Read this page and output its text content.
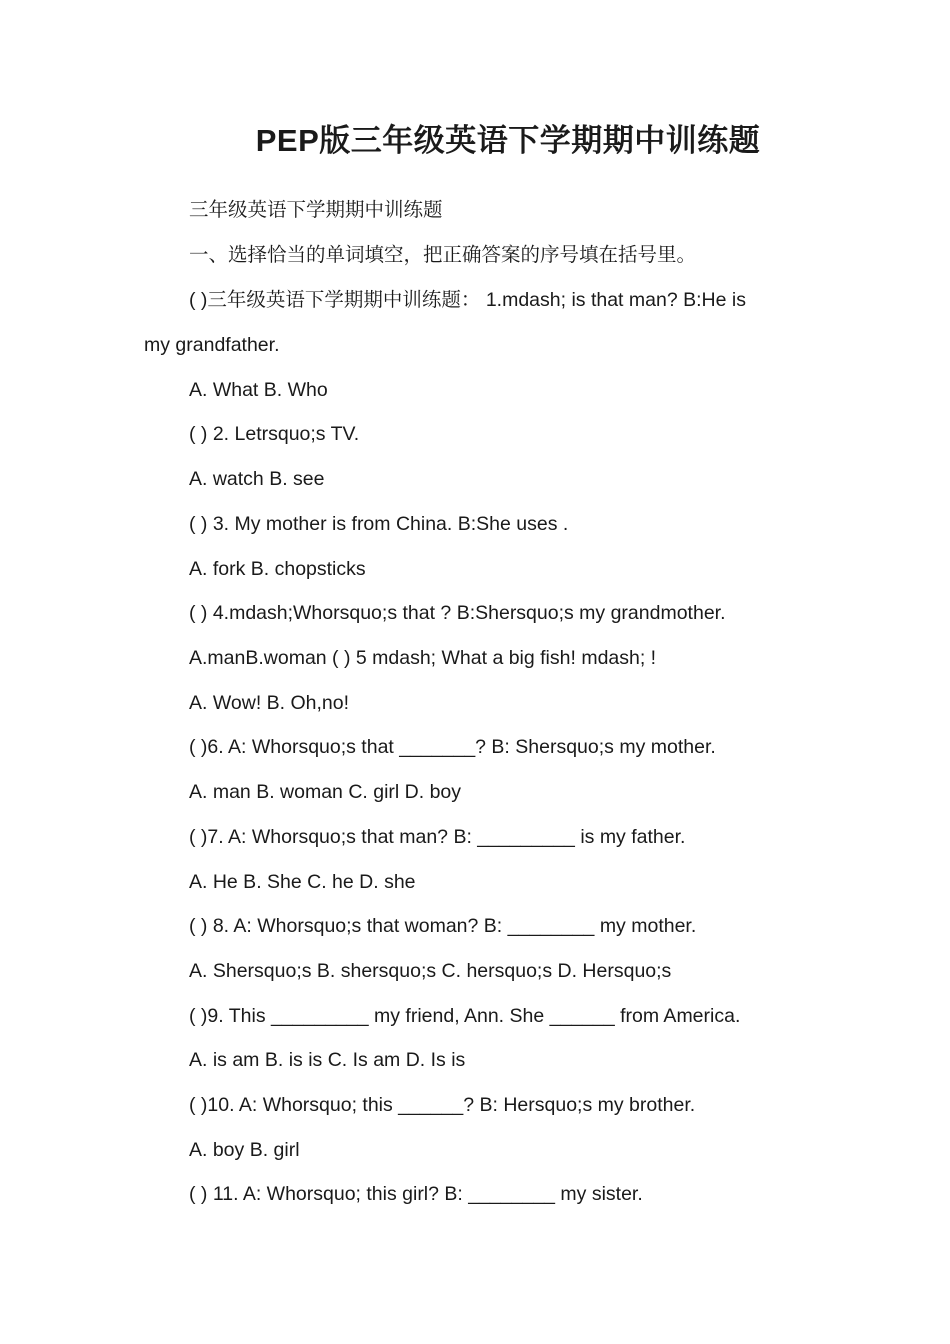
PEP版三年级英语下学期期中训练题
三年级英语下学期期中训练题
一、选择恰当的单词填空，把正确答案的序号填在括号里。
( )三年级英语下学期期中训练题： 1.mdash; is that man? B:He is
my grandfather.
A. What B. Who
( ) 2. Letrsquo;s TV.
A. watch B. see
( ) 3. My mother is from China. B:She uses .
A. fork B. chopsticks
( ) 4.mdash;Whorsquo;s that ? B:Shersquo;s my grandmother.
A.manB.woman ( ) 5 mdash; What a big fish! mdash; !
A. Wow! B. Oh,no!
( )6. A: Whorsquo;s that _______? B: Shersquo;s my mother.
A. man B. woman C. girl D. boy
( )7. A: Whorsquo;s that man? B: _________ is my father.
A. He B. She C. he D. she
( ) 8. A: Whorsquo;s that woman? B: ________ my mother.
A. Shersquo;s B. shersquo;s C. hersquo;s D. Hersquo;s
( )9. This _________ my friend, Ann. She ______ from America.
A. is am B. is is C. Is am D. Is is
( )10. A: Whorsquo; this ______? B: Hersquo;s my brother.
A. boy B. girl
( ) 11. A: Whorsquo; this girl? B: ________ my sister.
